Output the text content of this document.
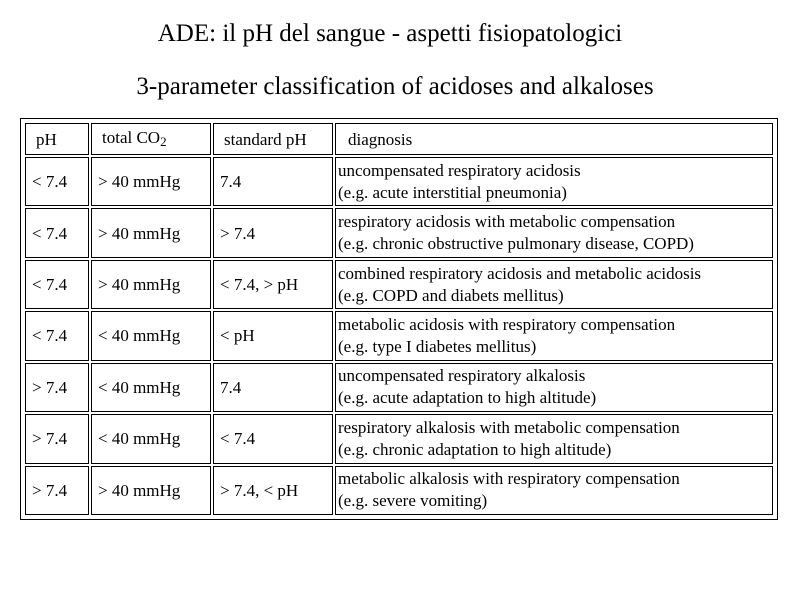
ADE: il pH del sangue - aspetti fisiopatologici
3-parameter classification of acidoses and alkaloses
pH	total $CO_2$	standard pH	diagnosis
< 7.4	> 40 mmHg	7.4	uncompensated respiratory acidosis
(e.g. acute interstitial pneumonia)

< 7.4	> 40 mmHg	> 7.4	respiratory acidosis with metabolic compensation
(e.g. chronic obstructive pulmonary disease, COPD)

< 7.4	> 40 mmHg	< 7.4, > pH	combined respiratory acidosis and metabolic acidosis
(e.g. COPD and diabets mellitus)

< 7.4	< 40 mmHg	< pH	metabolic acidosis with respiratory compensation
(e.g. type I diabetes mellitus)

> 7.4	< 40 mmHg	7.4	uncompensated respiratory alkalosis
(e.g. acute adaptation to high altitude)

> 7.4	< 40 mmHg	< 7.4	respiratory alkalosis with metabolic compensation
(e.g. chronic adaptation to high altitude)

> 7.4	> 40 mmHg	> 7.4, < pH	metabolic alkalosis with respiratory compensation
(e.g. severe vomiting)
